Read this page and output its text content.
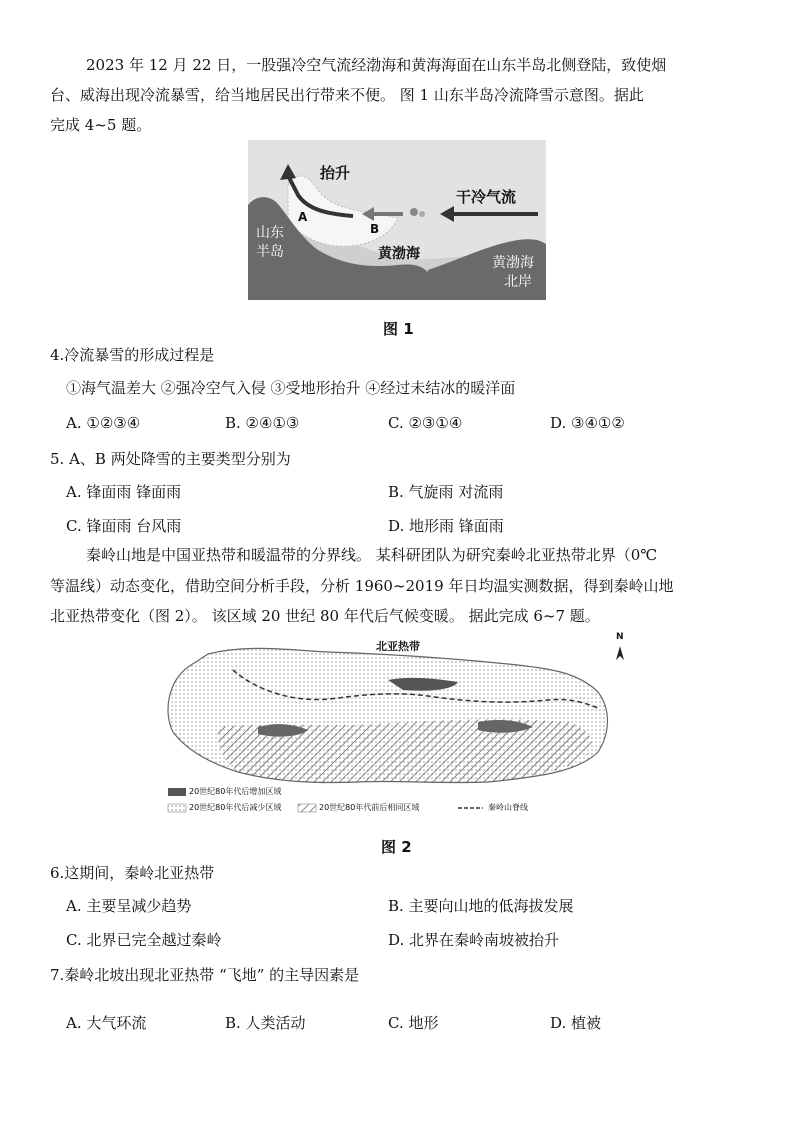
2023 年 12 月 22 日，一股强冷空气流经渤海和黄海海面在山东半岛北侧登陆，致使烟
台、威海出现冷流暴雪，给当地居民出行带来不便。 图 1 山东半岛冷流降雪示意图。据此
完成 4~5 题。
抬升
干冷气流
山东
半岛
A
B
黄渤海
黄渤海
北岸
图 1
4.冷流暴雪的形成过程是
①海气温差大 ②强冷空气入侵 ③受地形抬升 ④经过未结冰的暖洋面
A. ①②③④	B. ②④①③	C. ②③①④	D. ③④①②
5. A、B 两处降雪的主要类型分别为
A. 锋面雨 锋面雨	B. 气旋雨 对流雨
C. 锋面雨 台风雨	D. 地形雨 锋面雨
秦岭山地是中国亚热带和暖温带的分界线。 某科研团队为研究秦岭北亚热带北界（0℃
等温线）动态变化，借助空间分析手段，分析 1960~2019 年日均温实测数据，得到秦岭山地
北亚热带变化（图 2）。 该区域 20 世纪 80 年代后气候变暖。 据此完成 6~7 题。
北亚热带
N
20世纪80年代后增加区域
20世纪80年代后减少区域	20世纪80年代前后相同区域	秦岭山脊线
图 2
6.这期间，秦岭北亚热带
A. 主要呈减少趋势	B. 主要向山地的低海拔发展
C. 北界已完全越过秦岭	D. 北界在秦岭南坡被抬升
7.秦岭北坡出现北亚热带 “飞地” 的主导因素是
A. 大气环流	B. 人类活动	C. 地形	D. 植被
